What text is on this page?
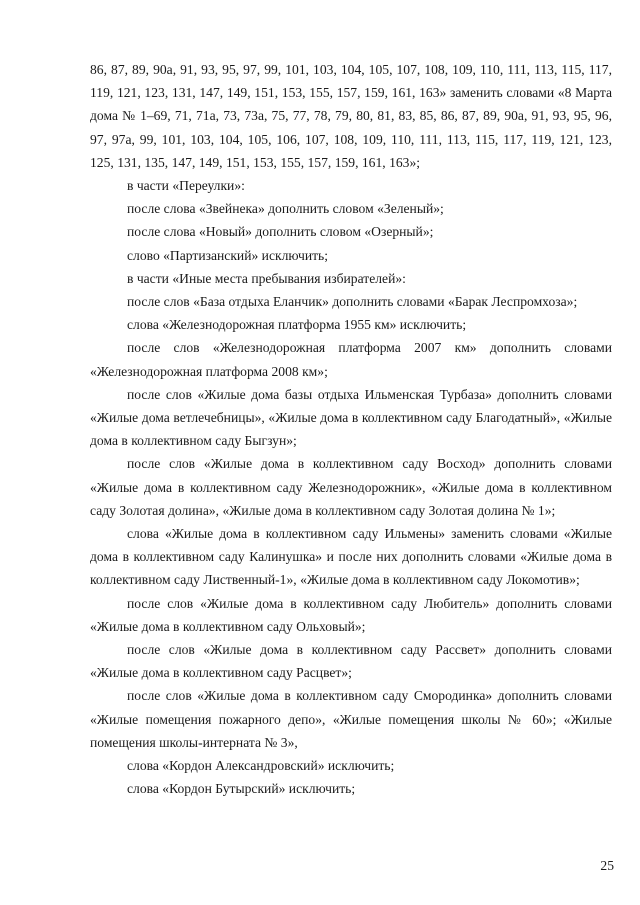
86, 87, 89, 90а, 91, 93, 95, 97, 99, 101, 103, 104, 105, 107, 108, 109, 110, 111, 113, 115, 117, 119, 121, 123, 131, 147, 149, 151, 153, 155, 157, 159, 161, 163» заменить словами «8 Марта дома № 1–69, 71, 71а, 73, 73а, 75, 77, 78, 79, 80, 81, 83, 85, 86, 87, 89, 90а, 91, 93, 95, 96, 97, 97а, 99, 101, 103, 104, 105, 106, 107, 108, 109, 110, 111, 113, 115, 117, 119, 121, 123, 125, 131, 135, 147, 149, 151, 153, 155, 157, 159, 161, 163»;

в части «Переулки»:

после слова «Звейнека» дополнить словом «Зеленый»;

после слова «Новый» дополнить словом «Озерный»;

слово «Партизанский» исключить;

в части «Иные места пребывания избирателей»:

после слов «База отдыха Еланчик» дополнить словами «Барак Леспромхоза»;

слова «Железнодорожная платформа 1955 км» исключить;

после слов «Железнодорожная платформа 2007 км» дополнить словами «Железнодорожная платформа 2008 км»;

после слов «Жилые дома базы отдыха Ильменская Турбаза» дополнить словами «Жилые дома ветлечебницы», «Жилые дома в коллективном саду Благодатный», «Жилые дома в коллективном саду Быгзун»;

после слов «Жилые дома в коллективном саду Восход» дополнить словами «Жилые дома в коллективном саду Железнодорожник», «Жилые дома в коллективном саду Золотая долина», «Жилые дома в коллективном саду Золотая долина № 1»;

слова «Жилые дома в коллективном саду Ильмены» заменить словами «Жилые дома в коллективном саду Калинушка» и после них дополнить словами «Жилые дома в коллективном саду Лиственный-1», «Жилые дома в коллективном саду Локомотив»;

после слов «Жилые дома в коллективном саду Любитель» дополнить словами «Жилые дома в коллективном саду Ольховый»;

после слов «Жилые дома в коллективном саду Рассвет» дополнить словами «Жилые дома в коллективном саду Расцвет»;

после слов «Жилые дома в коллективном саду Смородинка» дополнить словами «Жилые помещения пожарного депо», «Жилые помещения школы № 60»; «Жилые помещения школы-интерната № 3»,

слова «Кордон Александровский» исключить;

слова «Кордон Бутырский» исключить;

25
